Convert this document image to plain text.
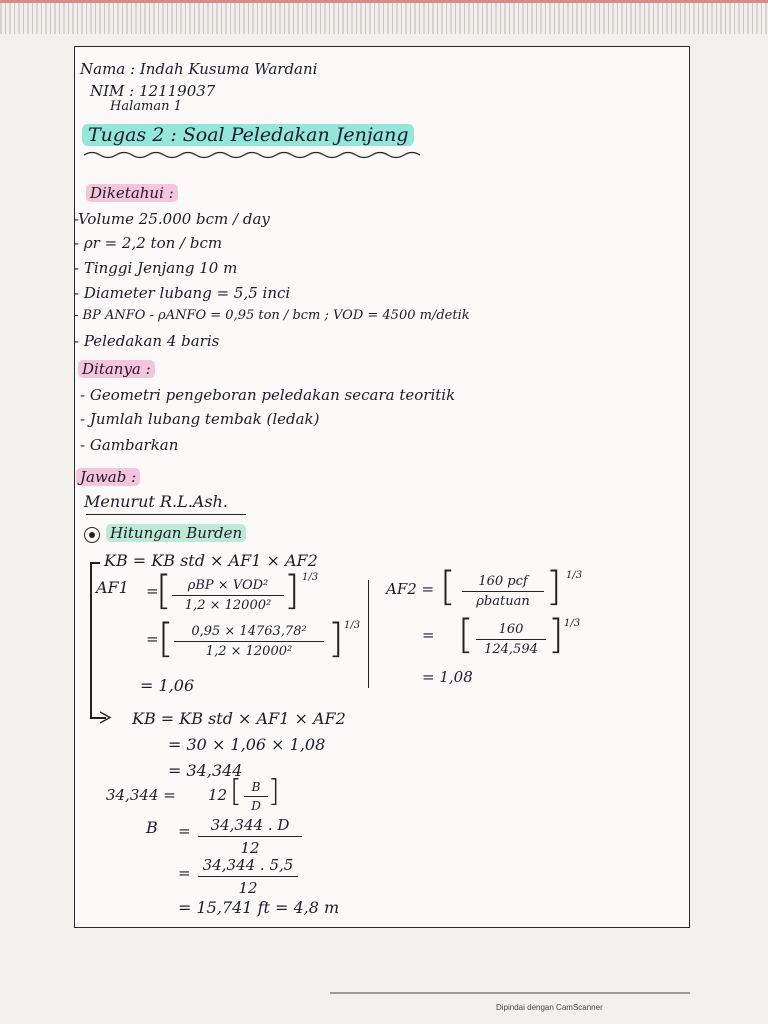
Nama : Indah Kusuma Wardani
NIM : 12119037
Halaman 1
Tugas 2 : Soal Peledakan Jenjang
Diketahui :
-Volume 25.000 bcm / day
- ρr = 2,2 ton / bcm
- Tinggi Jenjang 10 m
- Diameter lubang = 5,5 inci
- BP ANFO - ρANFO = 0,95 ton / bcm ; VOD = 4500 m/detik
- Peledakan 4 baris
Ditanya :
- Geometri pengeboran peledakan secara teoritik
- Jumlah lubang tembak (ledak)
- Gambarkan
Jawab :
Menurut R.L.Ash.
Hitungan Burden
KB = KB std × AF1 × AF2
AF1 =
[	ρBP × VOD²
1,2 × 12000² ] 1/3
= [	0,95 × 14763,78²
1,2 × 12000² ] 1/3
= 1,06
AF2 = [	160 pcf
ρbatuan ] 1/3
= [	160
124,594 ] 1/3
= 1,08
KB = KB std × AF1 × AF2
= 30 × 1,06 × 1,08
= 34,344
34,344 = 12 [ B
D ]
B =	34,344 . D
12
= 34,344 . 5,5
12
= 15,741 ft = 4,8 m
Dipindai dengan CamScanner
